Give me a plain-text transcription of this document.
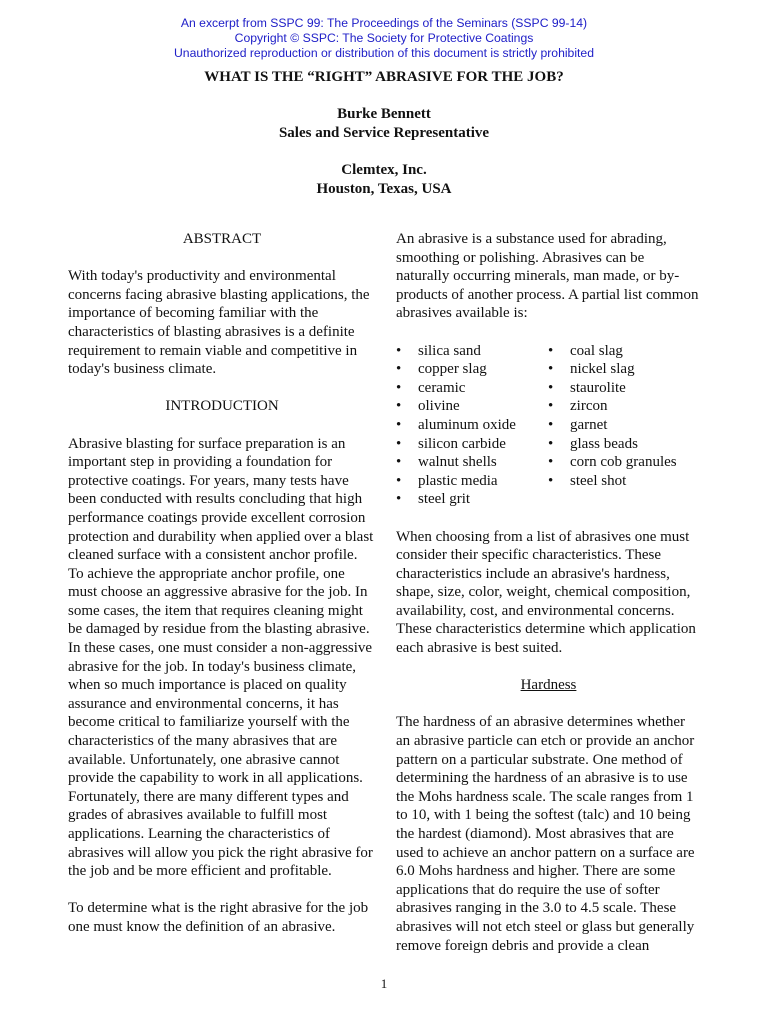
An excerpt from SSPC 99: The Proceedings of the Seminars (SSPC 99-14)
Copyright © SSPC: The Society for Protective Coatings
Unauthorized reproduction or distribution of this document is strictly prohibited
WHAT IS THE “RIGHT” ABRASIVE FOR THE JOB?
Burke Bennett
Sales and Service Representative
Clemtex, Inc.
Houston, Texas, USA
ABSTRACT

With today's productivity and environmental concerns facing abrasive blasting applications, the importance of becoming familiar with the characteristics of blasting abrasives is a definite requirement to remain viable and competitive in today's business climate.

INTRODUCTION

Abrasive blasting for surface preparation is an important step in providing a foundation for protective coatings. For years, many tests have been conducted with results concluding that high performance coatings provide excellent corrosion protection and durability when applied over a blast cleaned surface with a consistent anchor profile. To achieve the appropriate anchor profile, one must choose an aggressive abrasive for the job. In some cases, the item that requires cleaning might be damaged by residue from the blasting abrasive. In these cases, one must consider a non-aggressive abrasive for the job. In today's business climate, when so much importance is placed on quality assurance and environmental concerns, it has become critical to familiarize yourself with the characteristics of the many abrasives that are available. Unfortunately, one abrasive cannot provide the capability to work in all applications. Fortunately, there are many different types and grades of abrasives available to fulfill most applications. Learning the characteristics of abrasives will allow you pick the right abrasive for the job and be more efficient and profitable.

To determine what is the right abrasive for the job one must know the definition of an abrasive.

An abrasive is a substance used for abrading, smoothing or polishing. Abrasives can be naturally occurring minerals, man made, or by-products of another process. A partial list common abrasives available is:

• silica sand
• copper slag
• ceramic
• olivine
• aluminum oxide
• silicon carbide
• walnut shells
• plastic media
• steel grit
• coal slag
• nickel slag
• staurolite
• zircon
• garnet
• glass beads
• corn cob granules
• steel shot

When choosing from a list of abrasives one must consider their specific characteristics. These characteristics include an abrasive's hardness, shape, size, color, weight, chemical composition, availability, cost, and environmental concerns. These characteristics determine which application each abrasive is best suited.

Hardness

The hardness of an abrasive determines whether an abrasive particle can etch or provide an anchor pattern on a particular substrate. One method of determining the hardness of an abrasive is to use the Mohs hardness scale. The scale ranges from 1 to 10, with 1 being the softest (talc) and 10 being the hardest (diamond). Most abrasives that are used to achieve an anchor pattern on a surface are 6.0 Mohs hardness and higher. There are some applications that do require the use of softer abrasives ranging in the 3.0 to 4.5 scale. These abrasives will not etch steel or glass but generally remove foreign debris and provide a clean

1
